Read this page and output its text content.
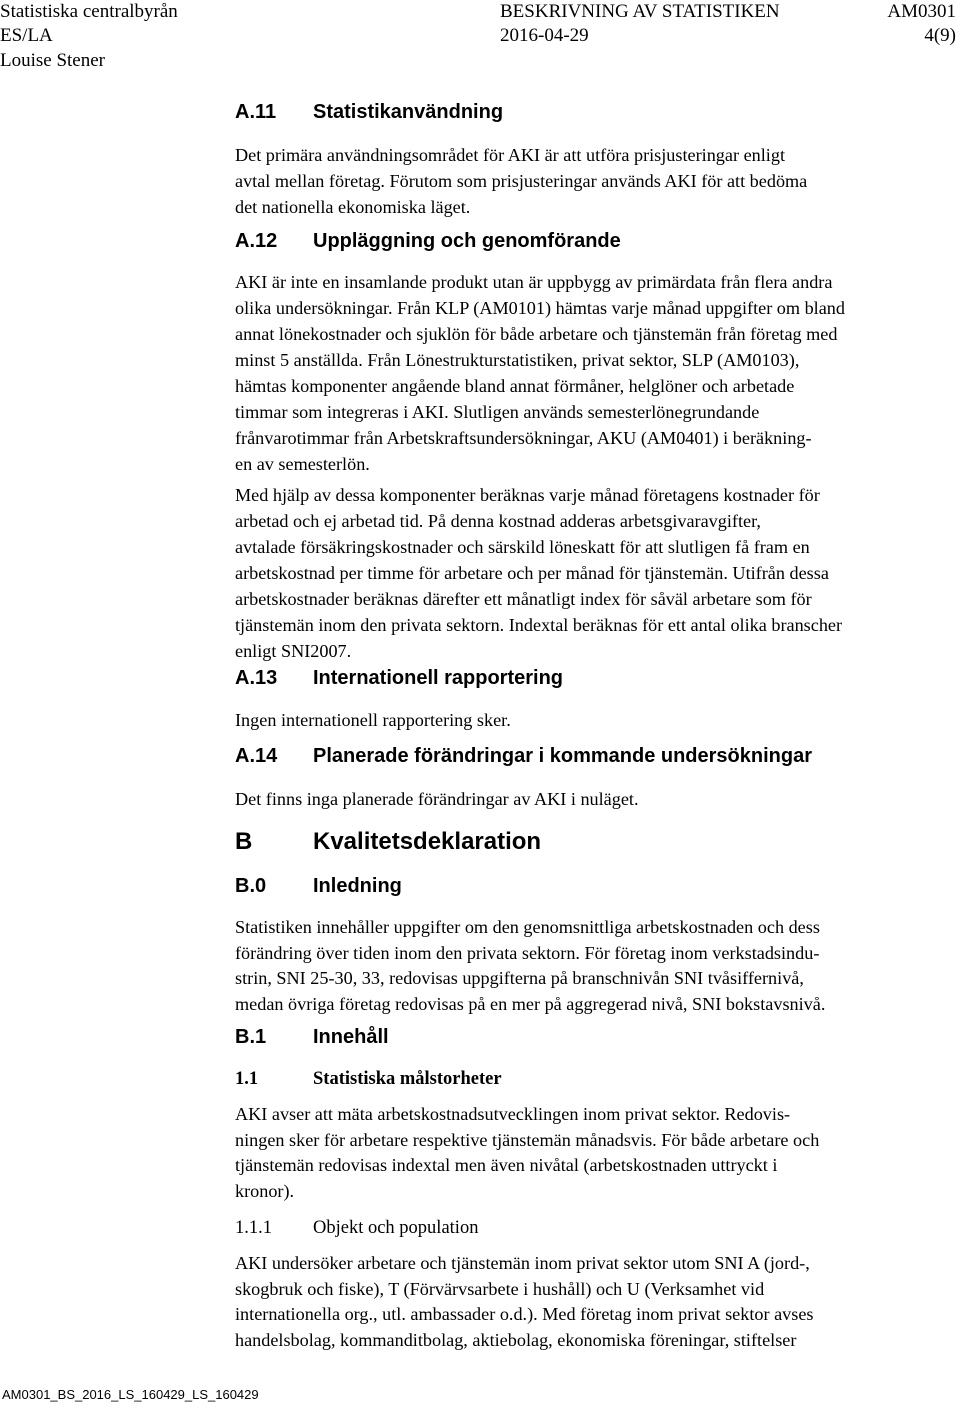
Statistiska centralbyrån
ES/LA
Louise Stener
BESKRIVNING AV STATISTIKEN
2016-04-29
AM0301
4(9)
A.11 Statistikanvändning
Det primära användningsområdet för AKI är att utföra prisjusteringar enligt
avtal mellan företag. Förutom som prisjusteringar används AKI för att bedöma
det nationella ekonomiska läget.
A.12 Uppläggning och genomförande
AKI är inte en insamlande produkt utan är uppbygg av primärdata från flera andra
olika undersökningar. Från KLP (AM0101) hämtas varje månad uppgifter om bland
annat lönekostnader och sjuklön för både arbetare och tjänstemän från företag med
minst 5 anställda. Från Lönestrukturstatistiken, privat sektor, SLP (AM0103),
hämtas komponenter angående bland annat förmåner, helglöner och arbetade
timmar som integreras i AKI. Slutligen används semesterlönegrundande
frånvarotimmar från Arbetskraftsundersökningar, AKU (AM0401) i beräkning-
en av semesterlön.
Med hjälp av dessa komponenter beräknas varje månad företagens kostnader för
arbetad och ej arbetad tid. På denna kostnad adderas arbetsgivaravgifter,
avtalade försäkringskostnader och särskild löneskatt för att slutligen få fram en
arbetskostnad per timme för arbetare och per månad för tjänstemän. Utifrån dessa
arbetskostnader beräknas därefter ett månatligt index för såväl arbetare som för
tjänstemän inom den privata sektorn. Indextal beräknas för ett antal olika branscher
enligt SNI2007.
A.13 Internationell rapportering
Ingen internationell rapportering sker.
A.14 Planerade förändringar i kommande undersökningar
Det finns inga planerade förändringar av AKI i nuläget.
B	Kvalitetsdeklaration
B.0 Inledning
Statistiken innehåller uppgifter om den genomsnittliga arbetskostnaden och dess
förändring över tiden inom den privata sektorn. För företag inom verkstadsindu-
strin, SNI 25-30, 33, redovisas uppgifterna på branschnivån SNI tvåsiffernivå,
medan övriga företag redovisas på en mer på aggregerad nivå, SNI bokstavsnivå.
B.1 Innehåll
1.1	Statistiska målstorheter
AKI avser att mäta arbetskostnadsutvecklingen inom privat sektor. Redovis-
ningen sker för arbetare respektive tjänstemän månadsvis. För både arbetare och
tjänstemän redovisas indextal men även nivåtal (arbetskostnaden uttryckt i
kronor).
1.1.1 Objekt och population
AKI undersöker arbetare och tjänstemän inom privat sektor utom SNI A (jord-,
skogbruk och fiske), T (Förvärvsarbete i hushåll) och U (Verksamhet vid
internationella org., utl. ambassader o.d.). Med företag inom privat sektor avses
handelsbolag, kommanditbolag, aktiebolag, ekonomiska föreningar, stiftelser
AM0301_BS_2016_LS_160429_LS_160429
